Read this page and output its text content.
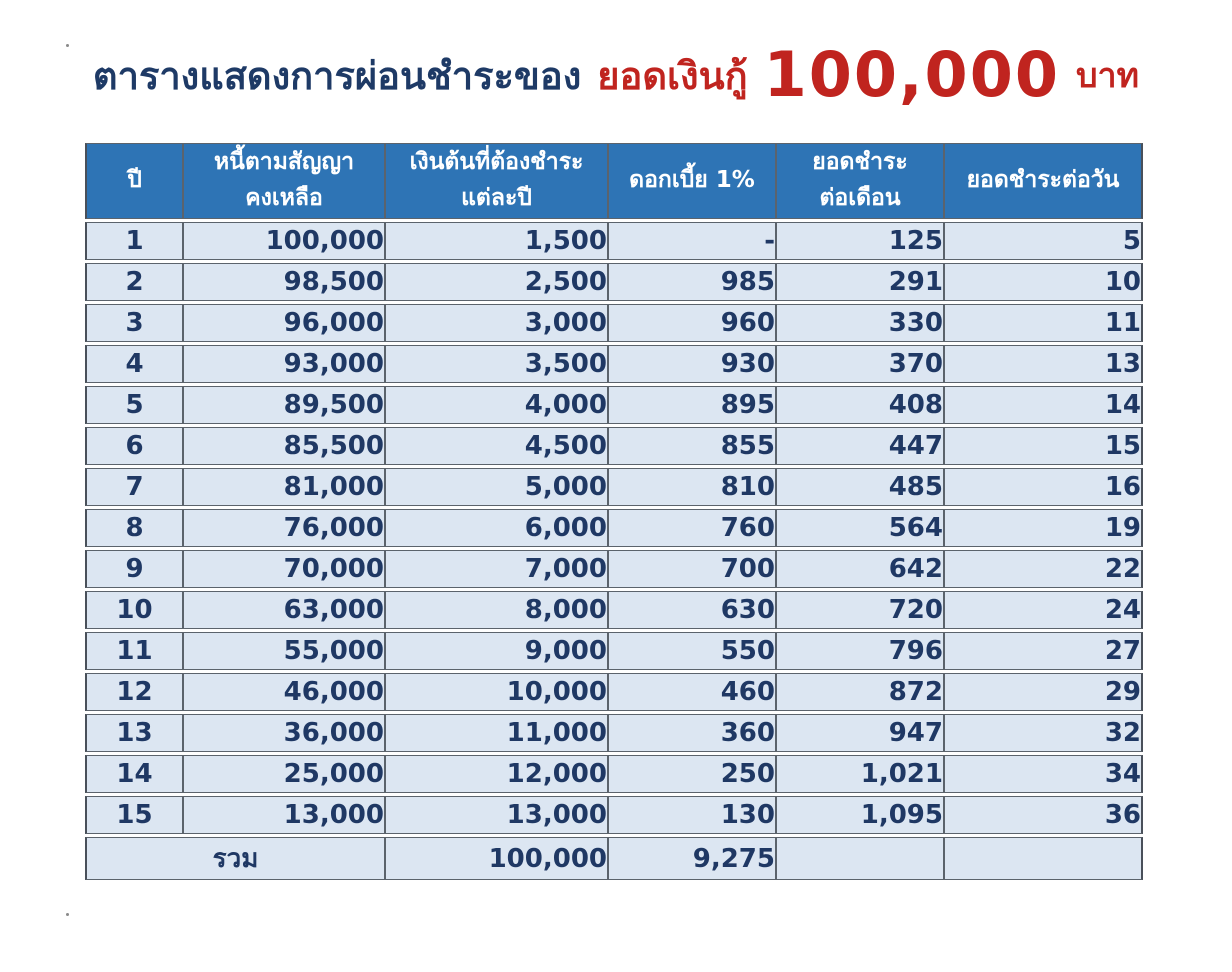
ตารางแสดงการผ่อนชำระของ ยอดเงินกู้ 100,000 บาท
ปี

หนี้ตามสัญญา
คงเหลือ

เงินต้นที่ต้องชำระ
แต่ละปี

ดอกเบี้ย 1%

ยอดชำระ
ต่อเดือน

ยอดชำระต่อวัน

1	100,000	1,500	-	125	5
2	98,500	2,500	985	291	10
3	96,000	3,000	960	330	11
4	93,000	3,500	930	370	13
5	89,500	4,000	895	408	14
6	85,500	4,500	855	447	15
7	81,000	5,000	810	485	16
8	76,000	6,000	760	564	19
9	70,000	7,000	700	642	22
10	63,000	8,000	630	720	24
11	55,000	9,000	550	796	27
12	46,000	10,000	460	872	29
13	36,000	11,000	360	947	32
14	25,000	12,000	250	1,021	34
15	13,000	13,000	130	1,095	36
รวม		100,000	9,275		
